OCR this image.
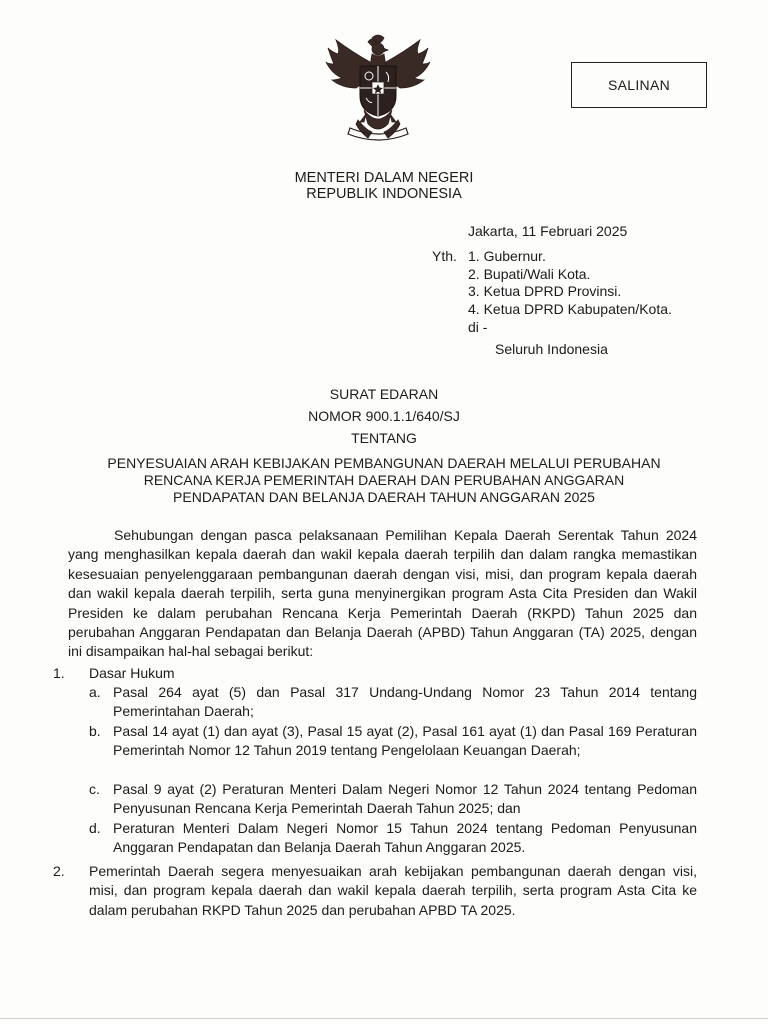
SALINAN
MENTERI DALAM NEGERI
REPUBLIK INDONESIA
Jakarta, 11 Februari 2025
Yth. 1. Gubernur.
2. Bupati/Wali Kota.
3. Ketua DPRD Provinsi.
4. Ketua DPRD Kabupaten/Kota.
di -
Seluruh Indonesia
SURAT EDARAN
NOMOR 900.1.1/640/SJ
TENTANG
PENYESUAIAN ARAH KEBIJAKAN PEMBANGUNAN DAERAH MELALUI PERUBAHAN
RENCANA KERJA PEMERINTAH DAERAH DAN PERUBAHAN ANGGARAN
PENDAPATAN DAN BELANJA DAERAH TAHUN ANGGARAN 2025
Sehubungan dengan pasca pelaksanaan Pemilihan Kepala Daerah Serentak Tahun 2024 yang menghasilkan kepala daerah dan wakil kepala daerah terpilih dan dalam rangka memastikan kesesuaian penyelenggaraan pembangunan daerah dengan visi, misi, dan program kepala daerah dan wakil kepala daerah terpilih, serta guna menyinergikan program Asta Cita Presiden dan Wakil Presiden ke dalam perubahan Rencana Kerja Pemerintah Daerah (RKPD) Tahun 2025 dan perubahan Anggaran Pendapatan dan Belanja Daerah (APBD) Tahun Anggaran (TA) 2025, dengan ini disampaikan hal-hal sebagai berikut:
1. Dasar Hukum
a. Pasal 264 ayat (5) dan Pasal 317 Undang-Undang Nomor 23 Tahun 2014 tentang Pemerintahan Daerah;
b. Pasal 14 ayat (1) dan ayat (3), Pasal 15 ayat (2), Pasal 161 ayat (1) dan Pasal 169 Peraturan Pemerintah Nomor 12 Tahun 2019 tentang Pengelolaan Keuangan Daerah;
c. Pasal 9 ayat (2) Peraturan Menteri Dalam Negeri Nomor 12 Tahun 2024 tentang Pedoman Penyusunan Rencana Kerja Pemerintah Daerah Tahun 2025; dan
d. Peraturan Menteri Dalam Negeri Nomor 15 Tahun 2024 tentang Pedoman Penyusunan Anggaran Pendapatan dan Belanja Daerah Tahun Anggaran 2025.
2. Pemerintah Daerah segera menyesuaikan arah kebijakan pembangunan daerah dengan visi, misi, dan program kepala daerah dan wakil kepala daerah terpilih, serta program Asta Cita ke dalam perubahan RKPD Tahun 2025 dan perubahan APBD TA 2025.
